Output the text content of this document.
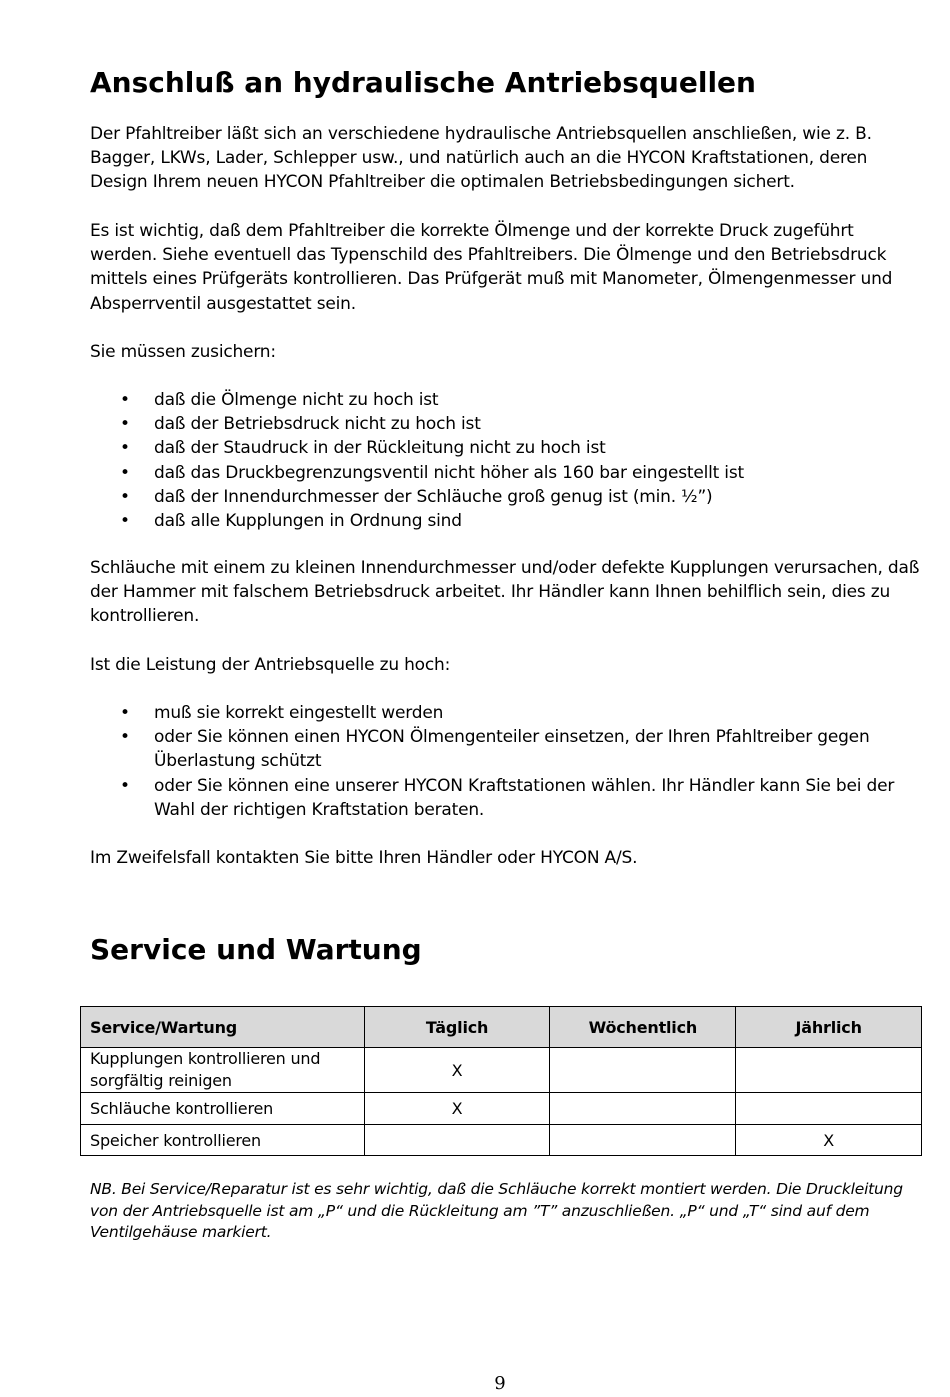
Anschluß an hydraulische Antriebsquellen

Der Pfahltreiber läßt sich an verschiedene hydraulische Antriebsquellen anschließen, wie z. B. Bagger, LKWs, Lader, Schlepper usw., und natürlich auch an die HYCON Kraftstationen, deren Design Ihrem neuen HYCON Pfahltreiber die optimalen Betriebsbedingungen sichert.

Es ist wichtig, daß dem Pfahltreiber die korrekte Ölmenge und der korrekte Druck zugeführt werden. Siehe eventuell das Typenschild des Pfahltreibers. Die Ölmenge und den Betriebsdruck mittels eines Prüfgeräts kontrollieren. Das Prüfgerät muß mit Manometer, Ölmengenmesser und Absperrventil ausgestattet sein.

Sie müssen zusichern:

• daß die Ölmenge nicht zu hoch ist
• daß der Betriebsdruck nicht zu hoch ist
• daß der Staudruck in der Rückleitung nicht zu hoch ist
• daß das Druckbegrenzungsventil nicht höher als 160 bar eingestellt ist
• daß der Innendurchmesser der Schläuche groß genug ist (min. ½”)
• daß alle Kupplungen in Ordnung sind

Schläuche mit einem zu kleinen Innendurchmesser und/oder defekte Kupplungen verursachen, daß der Hammer mit falschem Betriebsdruck arbeitet. Ihr Händler kann Ihnen behilflich sein, dies zu kontrollieren.

Ist die Leistung der Antriebsquelle zu hoch:

• muß sie korrekt eingestellt werden
• oder Sie können einen HYCON Ölmengenteiler einsetzen, der Ihren Pfahltreiber gegen Überlastung schützt
• oder Sie können eine unserer HYCON Kraftstationen wählen. Ihr Händler kann Sie bei der Wahl der richtigen Kraftstation beraten.

Im Zweifelsfall kontakten Sie bitte Ihren Händler oder HYCON A/S.

Service und Wartung
Service/Wartung	Täglich	Wöchentlich	Jährlich
Kupplungen kontrollieren und sorgfältig reinigen	X		
Schläuche kontrollieren	X		
Speicher kontrollieren			X

NB. Bei Service/Reparatur ist es sehr wichtig, daß die Schläuche korrekt montiert werden. Die Druckleitung von der Antriebsquelle ist am „P“ und die Rückleitung am ”T” anzuschließen. „P“ und „T“ sind auf dem Ventilgehäuse markiert.

9
